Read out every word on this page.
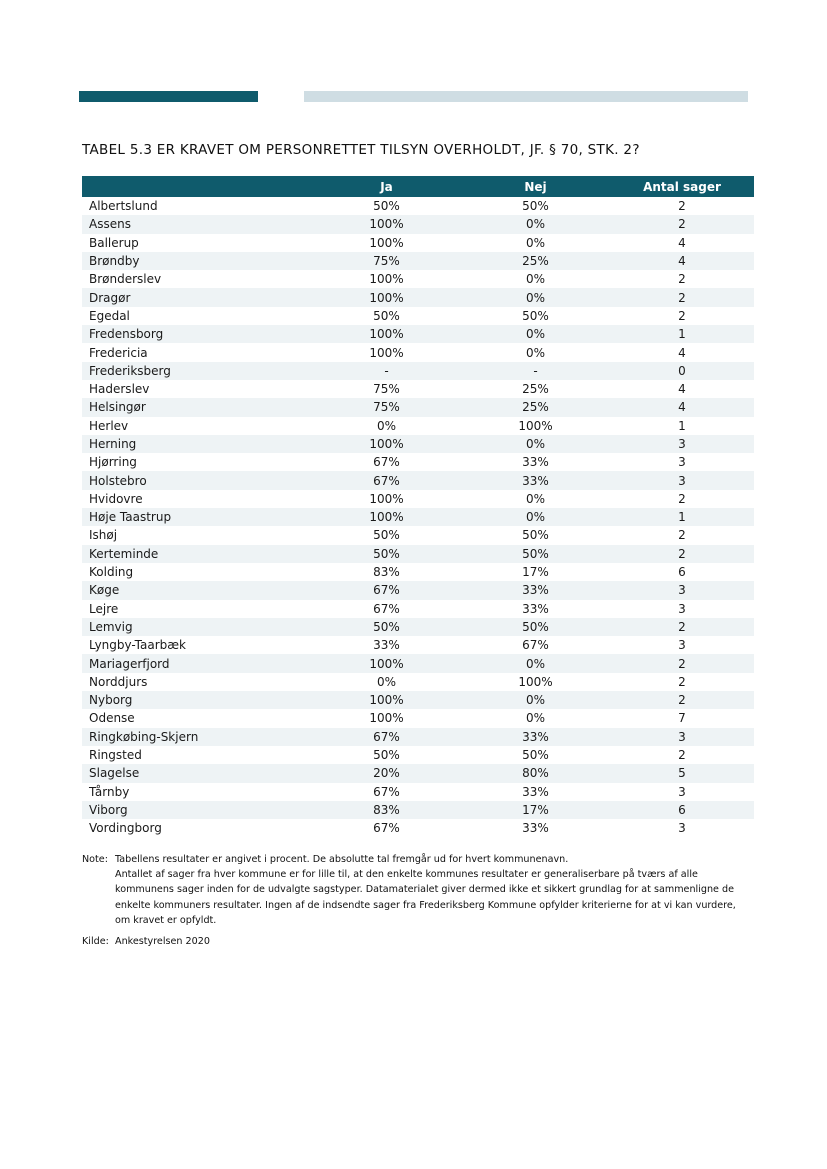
TABEL 5.3 ER KRAVET OM PERSONRETTET TILSYN OVERHOLDT, JF. § 70, STK. 2?
	Ja	Nej	Antal sager
Albertslund	50%	50%	2
Assens	100%	0%	2
Ballerup	100%	0%	4
Brøndby	75%	25%	4
Brønderslev	100%	0%	2
Dragør	100%	0%	2
Egedal	50%	50%	2
Fredensborg	100%	0%	1
Fredericia	100%	0%	4
Frederiksberg	-	-	0
Haderslev	75%	25%	4
Helsingør	75%	25%	4
Herlev	0%	100%	1
Herning	100%	0%	3
Hjørring	67%	33%	3
Holstebro	67%	33%	3
Hvidovre	100%	0%	2
Høje Taastrup	100%	0%	1
Ishøj	50%	50%	2
Kerteminde	50%	50%	2
Kolding	83%	17%	6
Køge	67%	33%	3
Lejre	67%	33%	3
Lemvig	50%	50%	2
Lyngby-Taarbæk	33%	67%	3
Mariagerfjord	100%	0%	2
Norddjurs	0%	100%	2
Nyborg	100%	0%	2
Odense	100%	0%	7
Ringkøbing-Skjern	67%	33%	3
Ringsted	50%	50%	2
Slagelse	20%	80%	5
Tårnby	67%	33%	3
Viborg	83%	17%	6
Vordingborg	67%	33%	3
Note: Tabellens resultater er angivet i procent. De absolutte tal fremgår ud for hvert kommunenavn.
Antallet af sager fra hver kommune er for lille til, at den enkelte kommunes resultater er generaliserbare på tværs af alle kommunens sager inden for de udvalgte sagstyper. Datamaterialet giver dermed ikke et sikkert grundlag for at sammenligne de enkelte kommuners resultater. Ingen af de indsendte sager fra Frederiksberg Kommune opfylder kriterierne for at vi kan vurdere, om kravet er opfyldt.
Kilde: Ankestyrelsen 2020
